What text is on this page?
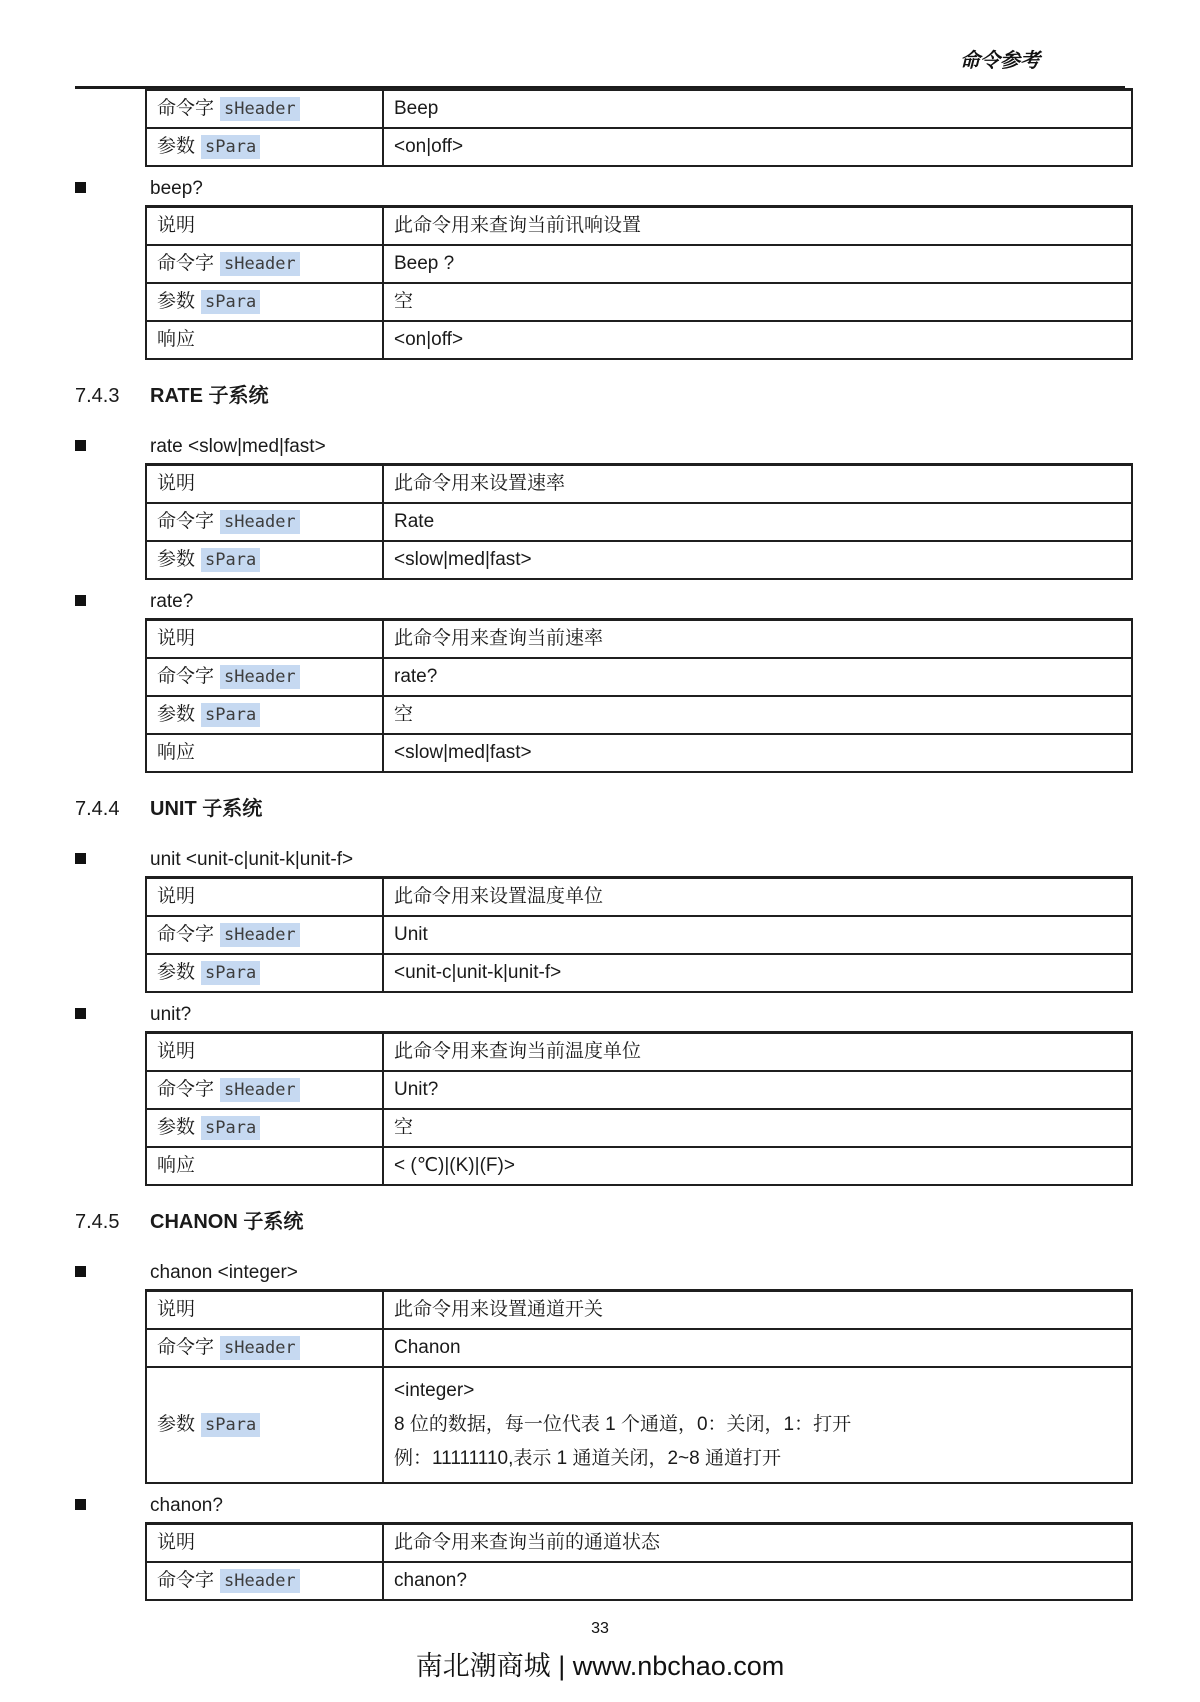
命令参考
命令字 sHeader	Beep
参数 sPara	<on|off>
beep?
说明	此命令用来查询当前讯响设置
命令字 sHeader	Beep ?
参数 sPara	空
响应	<on|off>
7.4.3 RATE 子系统
rate <slow|med|fast>
说明	此命令用来设置速率
命令字 sHeader	Rate
参数 sPara	<slow|med|fast>
rate?
说明	此命令用来查询当前速率
命令字 sHeader	rate?
参数 sPara	空
响应	<slow|med|fast>
7.4.4 UNIT 子系统
unit <unit-c|unit-k|unit-f>
说明	此命令用来设置温度单位
命令字 sHeader	Unit
参数 sPara	<unit-c|unit-k|unit-f>
unit?
说明	此命令用来查询当前温度单位
命令字 sHeader	Unit?
参数 sPara	空
响应	< (℃)|(K)|(F)>
7.4.5 CHANON 子系统
chanon <integer>
说明	此命令用来设置通道开关
命令字 sHeader	Chanon
参数 sPara	<integer>
8 位的数据，每一位代表 1 个通道，0：关闭，1：打开
例：11111110,表示 1 通道关闭，2~8 通道打开
chanon?
说明	此命令用来查询当前的通道状态
命令字 sHeader	chanon?
33
南北潮商城 | www.nbchao.com
